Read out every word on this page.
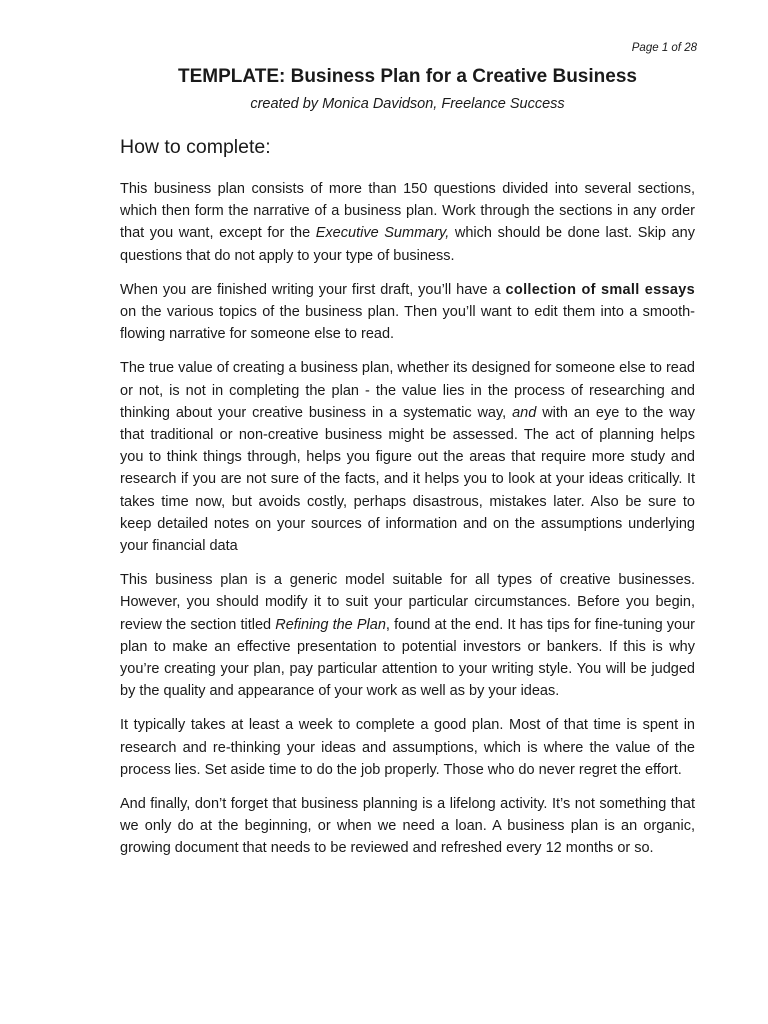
Page 1 of 28
TEMPLATE: Business Plan for a Creative Business
created by Monica Davidson, Freelance Success
How to complete:

This business plan consists of more than 150 questions divided into several sections, which then form the narrative of a business plan. Work through the sections in any order that you want, except for the Executive Summary, which should be done last. Skip any questions that do not apply to your type of business.

When you are finished writing your first draft, you’ll have a collection of small essays on the various topics of the business plan. Then you’ll want to edit them into a smooth-flowing narrative for someone else to read.

The true value of creating a business plan, whether its designed for someone else to read or not, is not in completing the plan - the value lies in the process of researching and thinking about your creative business in a systematic way, and with an eye to the way that traditional or non-creative business might be assessed. The act of planning helps you to think things through, helps you figure out the areas that require more study and research if you are not sure of the facts, and it helps you to look at your ideas critically. It takes time now, but avoids costly, perhaps disastrous, mistakes later. Also be sure to keep detailed notes on your sources of information and on the assumptions underlying your financial data

This business plan is a generic model suitable for all types of creative businesses. However, you should modify it to suit your particular circumstances. Before you begin, review the section titled Refining the Plan, found at the end. It has tips for fine-tuning your plan to make an effective presentation to potential investors or bankers. If this is why you’re creating your plan, pay particular attention to your writing style. You will be judged by the quality and appearance of your work as well as by your ideas.

It typically takes at least a week to complete a good plan. Most of that time is spent in research and re-thinking your ideas and assumptions, which is where the value of the process lies. Set aside time to do the job properly. Those who do never regret the effort.

And finally, don’t forget that business planning is a lifelong activity. It’s not something that we only do at the beginning, or when we need a loan. A business plan is an organic, growing document that needs to be reviewed and refreshed every 12 months or so.
